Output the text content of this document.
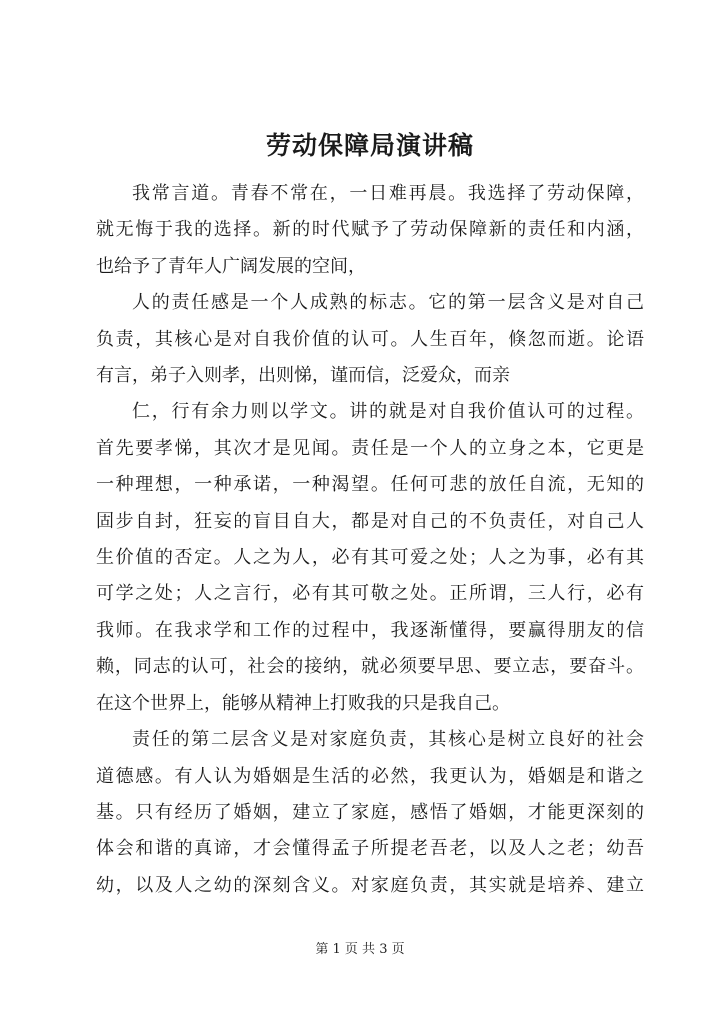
劳动保障局演讲稿

我常言道。青春不常在，一日难再晨。我选择了劳动保障，
就无悔于我的选择。新的时代赋予了劳动保障新的责任和内涵，
也给予了青年人广阔发展的空间，

人的责任感是一个人成熟的标志。它的第一层含义是对自己
负责，其核心是对自我价值的认可。人生百年，倏忽而逝。论语
有言，弟子入则孝，出则悌，谨而信，泛爱众，而亲

仁，行有余力则以学文。讲的就是对自我价值认可的过程。
首先要孝悌，其次才是见闻。责任是一个人的立身之本，它更是
一种理想，一种承诺，一种渴望。任何可悲的放任自流，无知的
固步自封，狂妄的盲目自大，都是对自己的不负责任，对自己人
生价值的否定。人之为人，必有其可爱之处；人之为事，必有其
可学之处；人之言行，必有其可敬之处。正所谓，三人行，必有
我师。在我求学和工作的过程中，我逐渐懂得，要赢得朋友的信
赖，同志的认可，社会的接纳，就必须要早思、要立志，要奋斗。
在这个世界上，能够从精神上打败我的只是我自己。

责任的第二层含义是对家庭负责，其核心是树立良好的社会
道德感。有人认为婚姻是生活的必然，我更认为，婚姻是和谐之
基。只有经历了婚姻，建立了家庭，感悟了婚姻，才能更深刻的
体会和谐的真谛，才会懂得孟子所提老吾老，以及人之老；幼吾
幼，以及人之幼的深刻含义。对家庭负责，其实就是培养、建立

第 1 页 共 3 页
